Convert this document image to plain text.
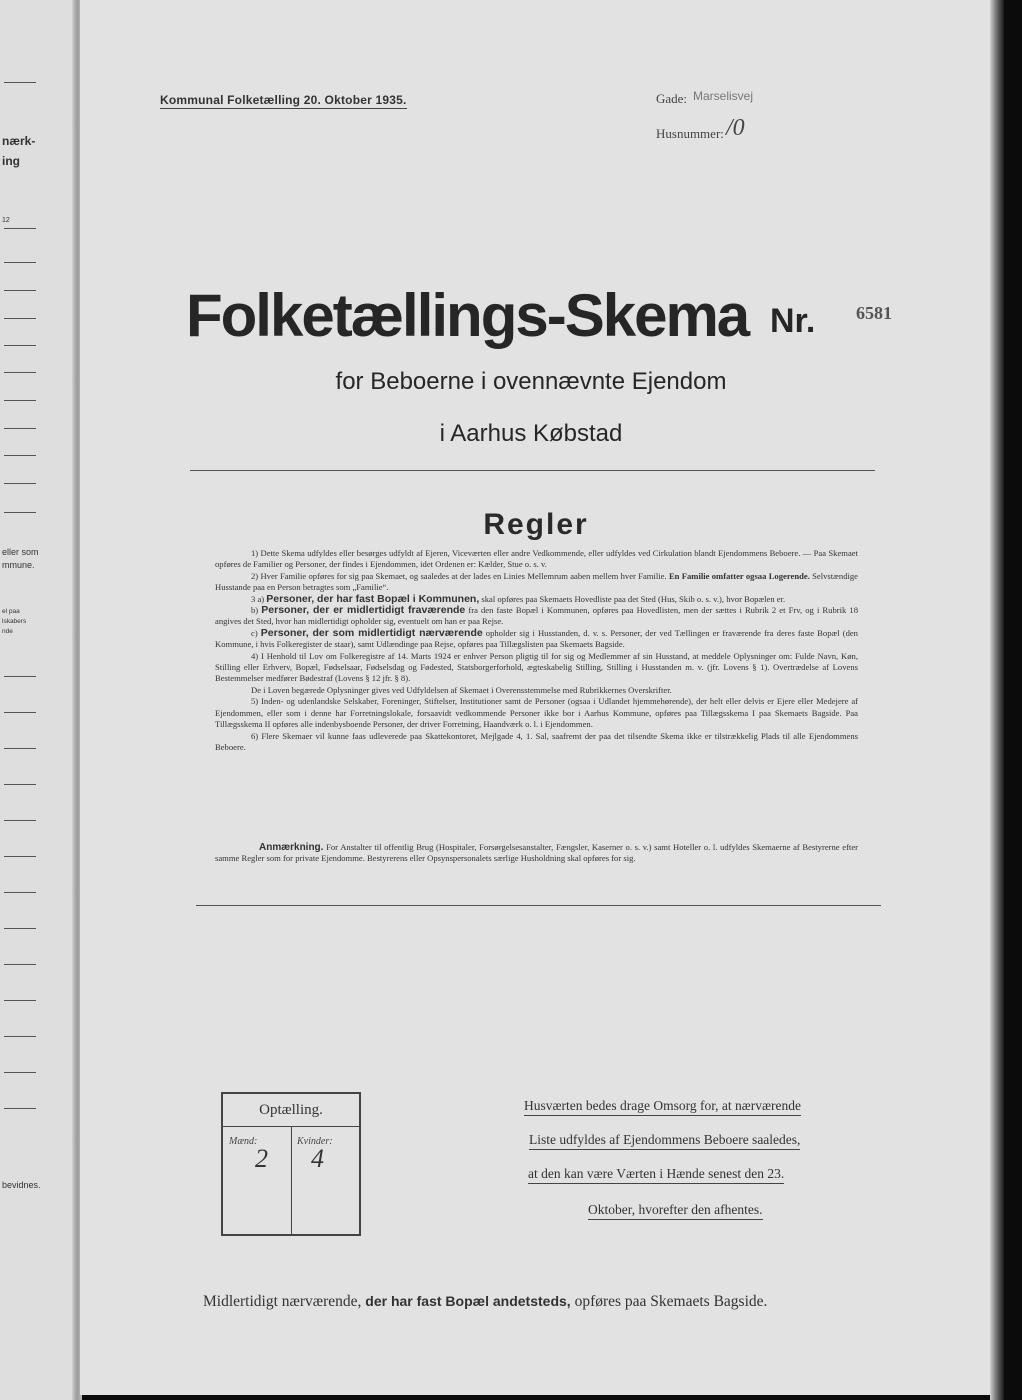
nærk-
ing
12
eller som
mmune.
el paa
lskabers
nde
bevidnes.
Kommunal Folketælling 20. Oktober 1935.	Gade: Marselisvej
Husnummer: /0
Folketællings-Skema Nr. 6581
for Beboerne i ovennævnte Ejendom
i Aarhus Købstad
Regler

1) Dette Skema udfyldes eller besørges udfyldt af Ejeren, Viceværten eller andre Vedkommende, eller udfyldes ved Cirkulation blandt Ejendommens Beboere. — Paa Skemaet opføres de Familier og Personer, der findes i Ejendommen, idet Ordenen er: Kælder, Stue o. s. v.

2) Hver Familie opføres for sig paa Skemaet, og saaledes at der lades en Linies Mellemrum aaben mellem hver Familie. En Familie omfatter ogsaa Logerende. Selvstændige Husstande paa en Person betragtes som „Familie“.

3 a) Personer, der har fast Bopæl i Kommunen, skal opføres paa Skemaets Hovedliste paa det Sted (Hus, Skib o. s. v.), hvor Bopælen er.

b) Personer, der er midlertidigt fraværende fra den faste Bopæl i Kommunen, opføres paa Hovedlisten, men der sættes i Rubrik 2 et Frv, og i Rubrik 18 angives det Sted, hvor han midlertidigt opholder sig, eventuelt om han er paa Rejse.

c) Personer, der som midlertidigt nærværende opholder sig i Husstanden, d. v. s. Personer, der ved Tællingen er fraværende fra deres faste Bopæl (den Kommune, i hvis Folkeregister de staar), samt Udlændinge paa Rejse, opføres paa Tillægslisten paa Skemaets Bagside.

4) I Henhold til Lov om Folkeregistre af 14. Marts 1924 er enhver Person pligtig til for sig og Medlemmer af sin Husstand, at meddele Oplysninger om: Fulde Navn, Køn, Stilling eller Erhverv, Bopæl, Fødselsaar, Fødselsdag og Fødested, Statsborgerforhold, ægteskabelig Stilling, Stilling i Husstanden m. v. (jfr. Lovens § 1). Overtrædelse af Lovens Bestemmelser medfører Bødestraf (Lovens § 12 jfr. § 8).

De i Loven begærede Oplysninger gives ved Udfyldelsen af Skemaet i Overensstemmelse med Rubrikkernes Overskrifter.

5) Inden- og udenlandske Selskaber, Foreninger, Stiftelser, Institutioner samt de Personer (ogsaa i Udlandet hjemmehørende), der helt eller delvis er Ejere eller Medejere af Ejendommen, eller som i denne har Forretningslokale, forsaavidt vedkommende Personer ikke bor i Aarhus Kommune, opføres paa Tillægsskema I paa Skemaets Bagside. Paa Tillægsskema II opføres alle indenbysboende Personer, der driver Forretning, Haandværk o. l. i Ejendommen.

6) Flere Skemaer vil kunne faas udleverede paa Skattekontoret, Mejlgade 4, 1. Sal, saafremt der paa det tilsendte Skema ikke er tilstrækkelig Plads til alle Ejendommens Beboere.

Anmærkning. For Anstalter til offentlig Brug (Hospitaler, Forsørgelsesanstalter, Fængsler, Kaserner o. s. v.) samt Hoteller o. l. udfyldes Skemaerne af Bestyrerne efter samme Regler som for private Ejendomme. Bestyrerens eller Opsynspersonalets særlige Husholdning skal opføres for sig.
Optælling.
Mænd:	Kvinder:
2 4
Husværten bedes drage Omsorg for, at nærværende
Liste udfyldes af Ejendommens Beboere saaledes,
at den kan være Værten i Hænde senest den 23.
Oktober, hvorefter den afhentes.
Midlertidigt nærværende, der har fast Bopæl andetsteds, opføres paa Skemaets Bagside.
